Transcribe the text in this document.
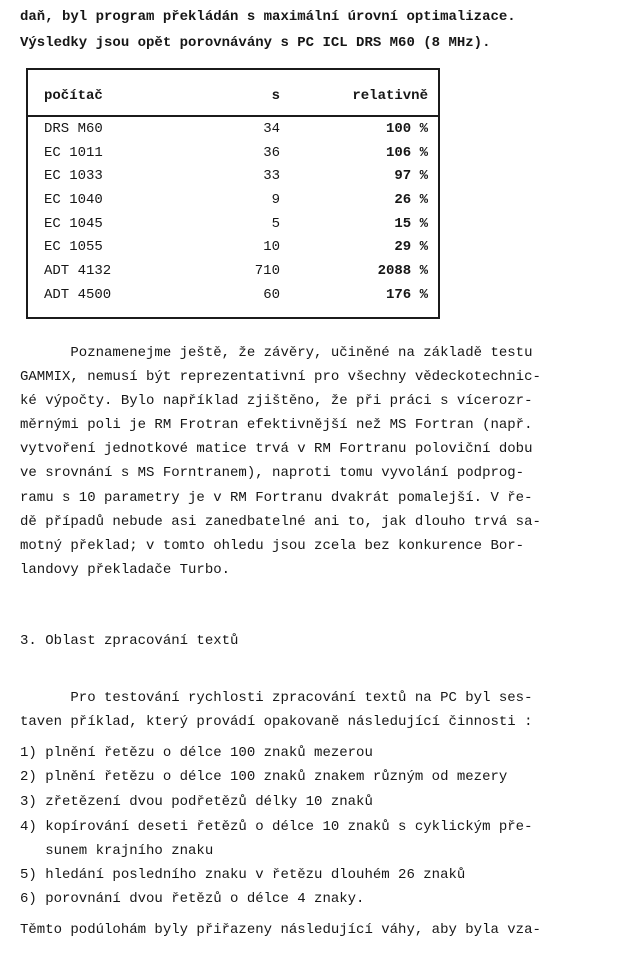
daň, byl program překládán s maximální úrovní optimalizace.
Výsledky jsou opět porovnávány s PC ICL DRS M60 (8 MHz).
počítač	s	relativně
DRS M60	34	100 %
EC 1011	36	106 %
EC 1033	33	97 %
EC 1040	9	26 %
EC 1045	5	15 %
EC 1055	10	29 %
ADT 4132	710	2088 %
ADT 4500	60	176 %
Poznamenejme ještě, že závěry, učiněné na základě testu
GAMMIX, nemusí být reprezentativní pro všechny vědeckotechnic-
ké výpočty. Bylo například zjištěno, že při práci s vícerozr-
měrnými poli je RM Frotran efektivnější než MS Fortran (např.
vytvoření jednotkové matice trvá v RM Fortranu poloviční dobu
ve srovnání s MS Forntranem), naproti tomu vyvolání podprog-
ramu s 10 parametry je v RM Fortranu dvakrát pomalejší. V ře-
dě případů nebude asi zanedbatelné ani to, jak dlouho trvá sa-
motný překlad; v tomto ohledu jsou zcela bez konkurence Bor-
landovy překladače Turbo.
3. Oblast zpracování textů
Pro testování rychlosti zpracování textů na PC byl ses-
taven příklad, který provádí opakovaně následující činnosti :
1) plnění řetězu o délce 100 znaků mezerou
2) plnění řetězu o délce 100 znaků znakem různým od mezery
3) zřetězení dvou podřetězů délky 10 znaků
4) kopírování deseti řetězů o délce 10 znaků s cyklickým pře-
sunem krajního znaku
5) hledání posledního znaku v řetězu dlouhém 26 znaků
6) porovnání dvou řetězů o délce 4 znaky.
Těmto podúlohám byly přiřazeny následující váhy, aby byla vza-
